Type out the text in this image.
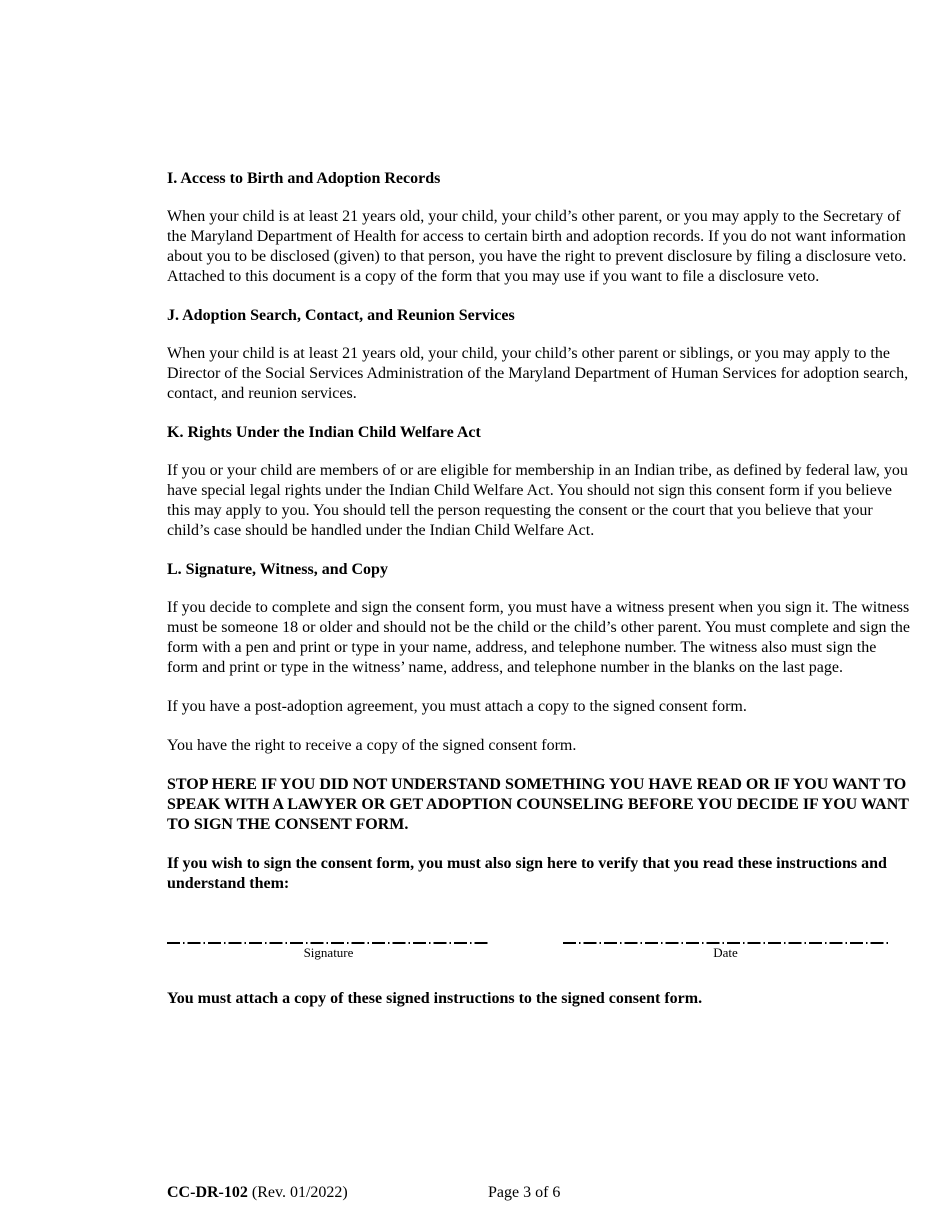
I. Access to Birth and Adoption Records

When your child is at least 21 years old, your child, your child’s other parent, or you may apply to the Secretary of the Maryland Department of Health for access to certain birth and adoption records. If you do not want information about you to be disclosed (given) to that person, you have the right to prevent disclosure by filing a disclosure veto. Attached to this document is a copy of the form that you may use if you want to file a disclosure veto.

J. Adoption Search, Contact, and Reunion Services

When your child is at least 21 years old, your child, your child’s other parent or siblings, or you may apply to the Director of the Social Services Administration of the Maryland Department of Human Services for adoption search, contact, and reunion services.

K. Rights Under the Indian Child Welfare Act

If you or your child are members of or are eligible for membership in an Indian tribe, as defined by federal law, you have special legal rights under the Indian Child Welfare Act. You should not sign this consent form if you believe this may apply to you. You should tell the person requesting the consent or the court that you believe that your child’s case should be handled under the Indian Child Welfare Act.

L. Signature, Witness, and Copy

If you decide to complete and sign the consent form, you must have a witness present when you sign it. The witness must be someone 18 or older and should not be the child or the child’s other parent. You must complete and sign the form with a pen and print or type in your name, address, and telephone number. The witness also must sign the form and print or type in the witness’ name, address, and telephone number in the blanks on the last page.

If you have a post-adoption agreement, you must attach a copy to the signed consent form.

You have the right to receive a copy of the signed consent form.

STOP HERE IF YOU DID NOT UNDERSTAND SOMETHING YOU HAVE READ OR IF YOU WANT TO SPEAK WITH A LAWYER OR GET ADOPTION COUNSELING BEFORE YOU DECIDE IF YOU WANT TO SIGN THE CONSENT FORM.

If you wish to sign the consent form, you must also sign here to verify that you read these instructions and understand them:

Signature	Date

You must attach a copy of these signed instructions to the signed consent form.

CC-DR-102 (Rev. 01/2022)	Page 3 of 6
